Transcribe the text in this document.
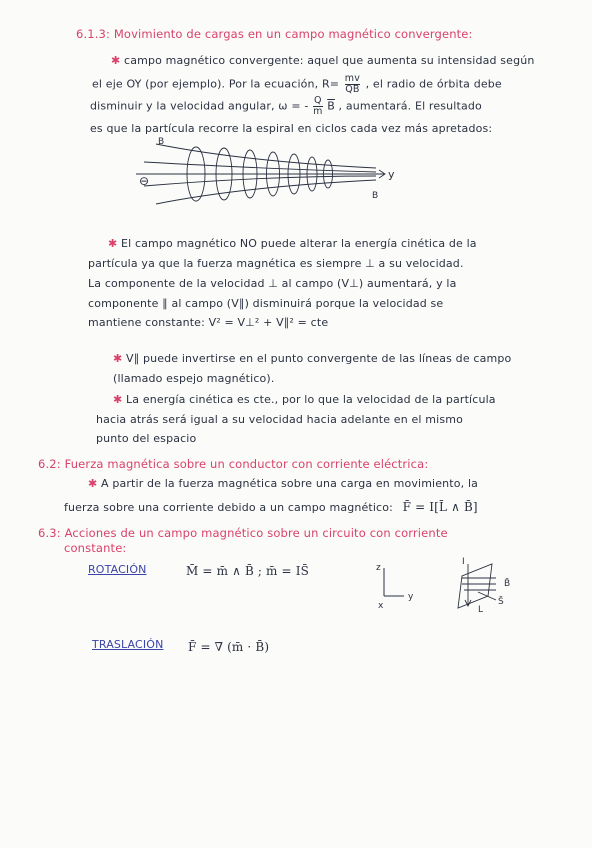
6.1.3: Movimiento de cargas en un campo magnético convergente:
✱ campo magnético convergente: aquel que aumenta su intensidad según
el eje OY (por ejemplo). Por la ecuación, $R= \frac{mv}{QB}$ , el radio de órbita debe
disminuir y la velocidad angular, ω = - $\frac{Q}{m} \overline{B}$ , aumentará. El resultado
es que la partícula recorre la espiral en ciclos cada vez más apretados:
B
B
y
⊖
✱ El campo magnético NO puede alterar la energía cinética de la
partícula ya que la fuerza magnética es siempre ⊥ a su velocidad.
La componente de la velocidad ⊥ al campo (V⊥) aumentará, y la
componente ∥ al campo (V∥) disminuirá porque la velocidad se
mantiene constante: V² = V⊥² + V∥² = cte
✱ V∥ puede invertirse en el punto convergente de las líneas de campo
(llamado espejo magnético).
✱ La energía cinética es cte., por lo que la velocidad de la partícula
hacia atrás será igual a su velocidad hacia adelante en el mismo
punto del espacio
6.2: Fuerza magnética sobre un conductor con corriente eléctrica:
✱ A partir de la fuerza magnética sobre una carga en movimiento, la
fuerza sobre una corriente debido a un campo magnético: F̄ = I[L̄ ∧ B̄]
6.3: Acciones de un campo magnético sobre un circuito con corriente
constante:
ROTACIÓN	M̄ = m̄ ∧ B̄ ; m̄ = IS̄	z
x
y
I
B̄
S̄
L
TRASLACIÓN F̄ = ∇̄ (m̄ · B̄)
